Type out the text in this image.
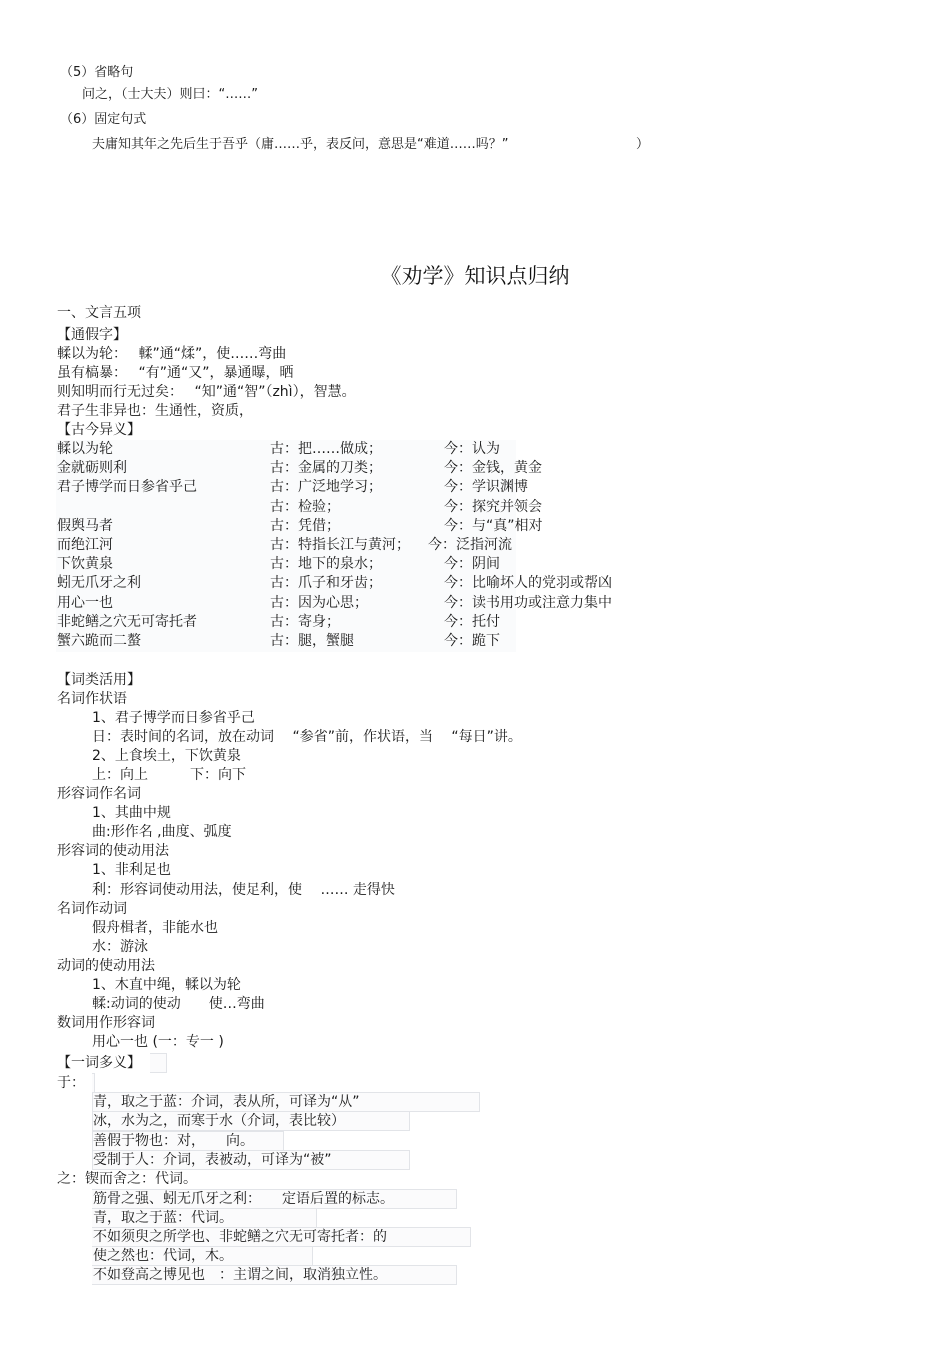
（5）省略句
问之，（士大夫）则曰：“……”
（6）固定句式
夫庸知其年之先后生于吾乎（庸……乎，表反问，意思是“难道……吗？”	）
《劝学》知识点归纳
一、文言五项
【通假字】
輮以为轮：　 輮”通“煣”，使……弯曲
虽有槁暴：　 “有”通“又”，暴通曝，晒
则知明而行无过矣：　 “知”通“智”（zhì），智慧。
君子生非异也：生通性，资质，
【古今异义】
輮以为轮	古：把……做成；	今：认为
金就砺则利	古：金属的刀类；	今：金钱，黄金
君子博学而日参省乎己	古：广泛地学习；	今：学识渊博
古：检验；	今：探究并领会
假舆马者	古：凭借；	今：与“真”相对
而绝江河	古：特指长江与黄河； 今：泛指河流
下饮黄泉	古：地下的泉水；	今：阴间
蚓无爪牙之利	古：爪子和牙齿；	今：比喻坏人的党羽或帮凶
用心一也	古：因为心思；	今：读书用功或注意力集中
非蛇鳝之穴无可寄托者	古：寄身；	今：托付
蟹六跪而二螯	古：腿，蟹腿	今：跪下
【词类活用】
名词作状语
1、君子博学而日参省乎己
日：表时间的名词，放在动词　 “参省”前，作状语，当　 “每日”讲。
2、上食埃土，下饮黄泉
上：向上　　　下：向下
形容词作名词
1、其曲中规
曲:形作名 ,曲度、弧度
形容词的使动用法
1、非利足也
利：形容词使动用法，使足利，使　 …… 走得快
名词作动词
假舟楫者，非能水也
水：游泳
动词的使动用法
1、木直中绳，輮以为轮
輮:动词的使动　　使…弯曲
数词用作形容词
用心一也 (一：专一 )
【一词多义】
于：
青，取之于蓝：介词，表从所，可译为“从”
冰，水为之，而寒于水（介词，表比较）
善假于物也：对，　　向。
受制于人：介词，表被动，可译为“被”
之：锲而舍之：代词。
筋骨之强、蚓无爪牙之利：　　定语后置的标志。
青，取之于蓝：代词。
不如须臾之所学也、非蛇鳝之穴无可寄托者：的
使之然也：代词，木。
不如登高之博见也　：主谓之间，取消独立性。
